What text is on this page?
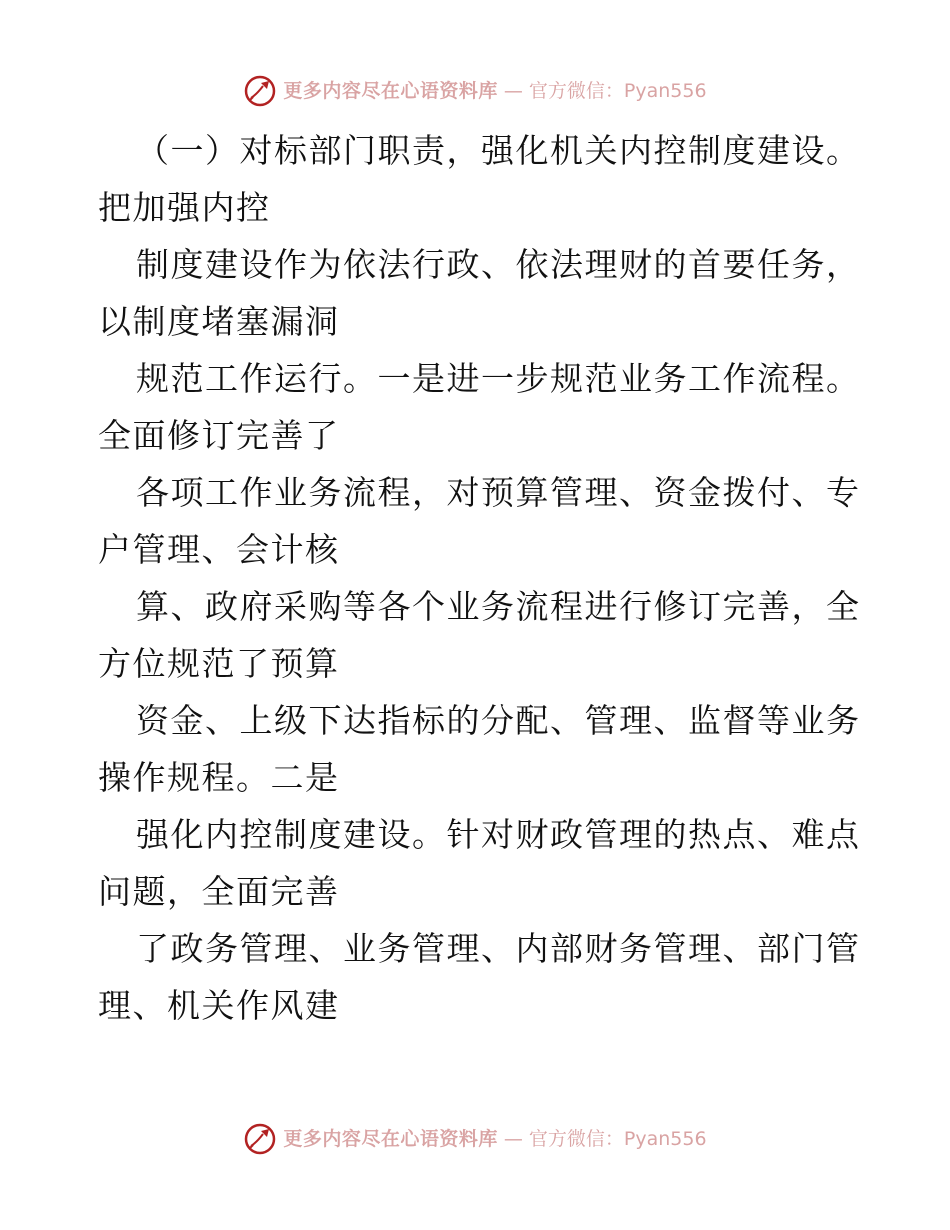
更多内容尽在心语资料库 — 官方微信：Pyan556
（一）对标部门职责，强化机关内控制度建设。
把加强内控
制度建设作为依法行政、依法理财的首要任务，
以制度堵塞漏洞
规范工作运行。一是进一步规范业务工作流程。
全面修订完善了
各项工作业务流程，对预算管理、资金拨付、专
户管理、会计核
算、政府采购等各个业务流程进行修订完善，全
方位规范了预算
资金、上级下达指标的分配、管理、监督等业务
操作规程。二是
强化内控制度建设。针对财政管理的热点、难点
问题，全面完善
了政务管理、业务管理、内部财务管理、部门管
理、机关作风建
更多内容尽在心语资料库 — 官方微信：Pyan556
